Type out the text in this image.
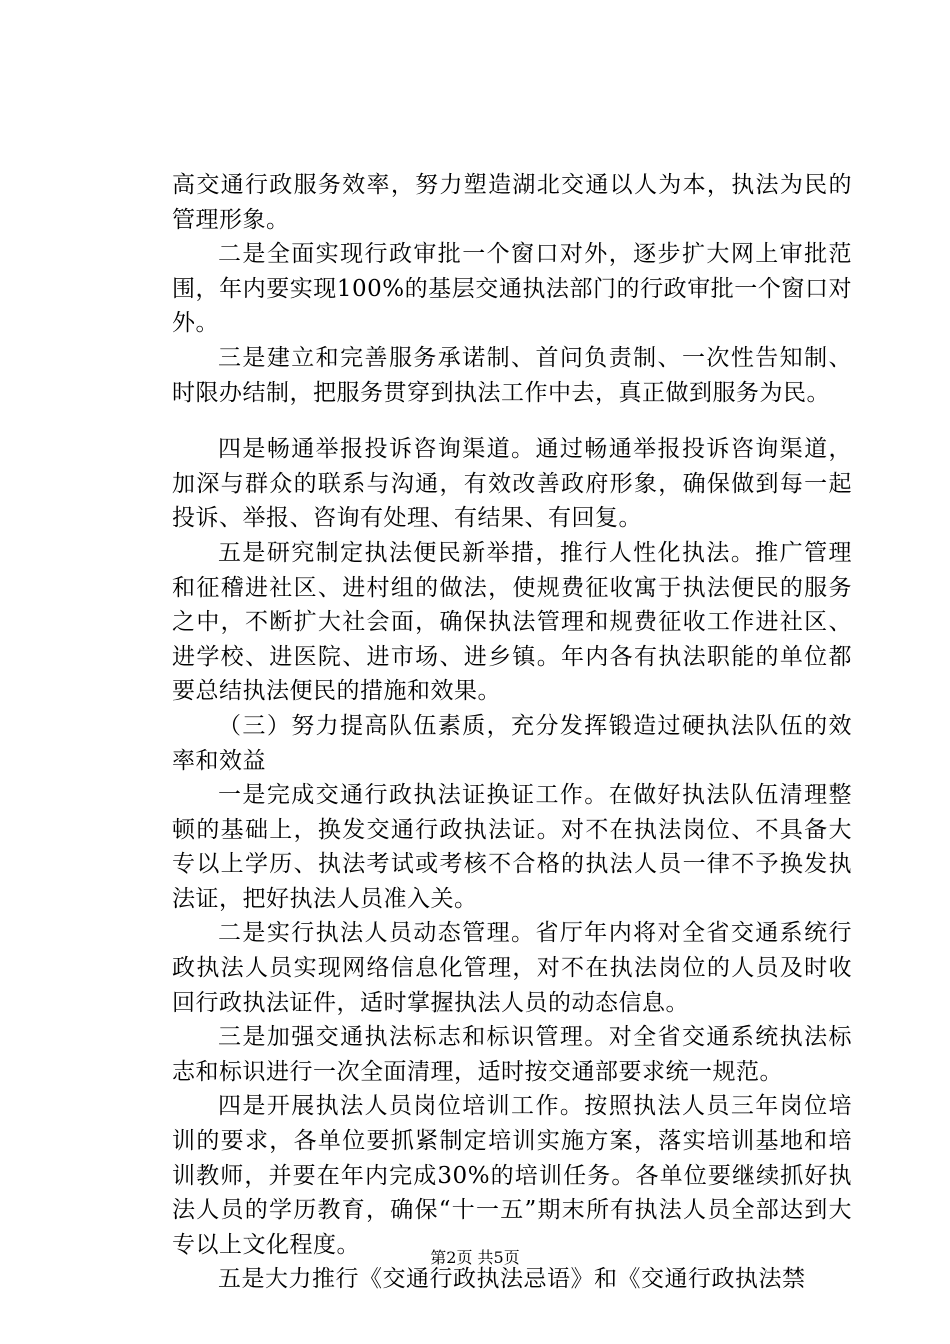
高交通行政服务效率，努力塑造湖北交通以人为本，执法为民的管理形象。

二是全面实现行政审批一个窗口对外，逐步扩大网上审批范围，年内要实现100%的基层交通执法部门的行政审批一个窗口对外。

三是建立和完善服务承诺制、首问负责制、一次性告知制、时限办结制，把服务贯穿到执法工作中去，真正做到服务为民。

四是畅通举报投诉咨询渠道。通过畅通举报投诉咨询渠道，加深与群众的联系与沟通，有效改善政府形象，确保做到每一起投诉、举报、咨询有处理、有结果、有回复。

五是研究制定执法便民新举措，推行人性化执法。推广管理和征稽进社区、进村组的做法，使规费征收寓于执法便民的服务之中，不断扩大社会面，确保执法管理和规费征收工作进社区、进学校、进医院、进市场、进乡镇。年内各有执法职能的单位都要总结执法便民的措施和效果。

（三）努力提高队伍素质，充分发挥锻造过硬执法队伍的效率和效益

一是完成交通行政执法证换证工作。在做好执法队伍清理整顿的基础上，换发交通行政执法证。对不在执法岗位、不具备大专以上学历、执法考试或考核不合格的执法人员一律不予换发执法证，把好执法人员准入关。

二是实行执法人员动态管理。省厅年内将对全省交通系统行政执法人员实现网络信息化管理，对不在执法岗位的人员及时收回行政执法证件，适时掌握执法人员的动态信息。

三是加强交通执法标志和标识管理。对全省交通系统执法标志和标识进行一次全面清理，适时按交通部要求统一规范。

四是开展执法人员岗位培训工作。按照执法人员三年岗位培训的要求，各单位要抓紧制定培训实施方案，落实培训基地和培训教师，并要在年内完成30%的培训任务。各单位要继续抓好执法人员的学历教育，确保“十一五”期末所有执法人员全部达到大专以上文化程度。

五是大力推行《交通行政执法忌语》和《交通行政执法禁

第2页 共5页
